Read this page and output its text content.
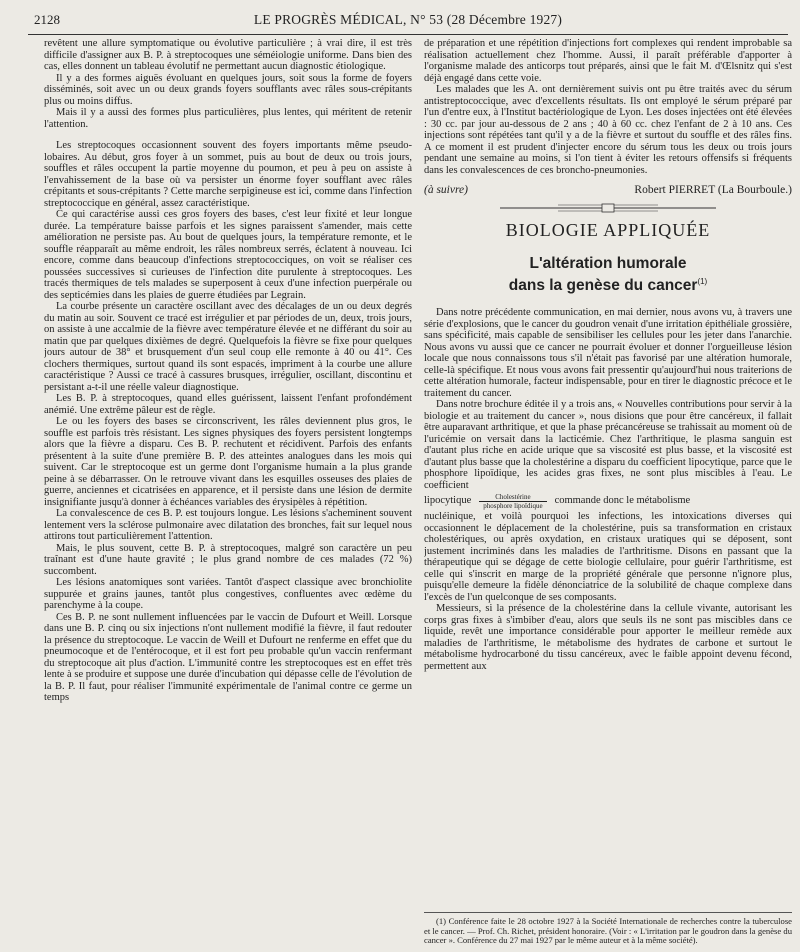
2128	LE PROGRÈS MÉDICAL, N° 53 (28 Décembre 1927)

revêtent une allure symptomatique ou évolutive particulière ; à vrai dire, il est très difficile d'assigner aux B. P. à streptocoques une séméiologie uniforme. Dans bien des cas, elles donnent un tableau évolutif ne permettant aucun diagnostic étiologique.

Il y a des formes aiguës évoluant en quelques jours, soit sous la forme de foyers disséminés, soit avec un ou deux grands foyers soufflants avec râles sous-crépitants plus ou moins diffus.

Mais il y a aussi des formes plus particulières, plus lentes, qui méritent de retenir l'attention.

Les streptocoques occasionnent souvent des foyers importants même pseudo-lobaires. Au début, gros foyer à un sommet, puis au bout de deux ou trois jours, souffles et râles occupent la partie moyenne du poumon, et peu à peu on assiste à l'envahissement de la base où va persister un énorme foyer soufflant avec râles crépitants et sous-crépitants ? Cette marche serpigineuse est ici, comme dans l'infection streptococcique en général, assez caractéristique.

Ce qui caractérise aussi ces gros foyers des bases, c'est leur fixité et leur longue durée. La température baisse parfois et les signes paraissent s'amender, mais cette amélioration ne persiste pas. Au bout de quelques jours, la température remonte, et le souffle réapparaît au même endroit, les râles nombreux serrés, éclatent à nouveau. Ici encore, comme dans beaucoup d'infections streptococciques, on voit se réaliser ces poussées successives si curieuses de l'infection dite purulente à streptocoques. Les tracés thermiques de tels malades se superposent à ceux d'une infection puerpérale ou des septicémies dans les plaies de guerre étudiées par Legrain.

La courbe présente un caractère oscillant avec des décalages de un ou deux degrés du matin au soir. Souvent ce tracé est irrégulier et par périodes de un, deux, trois jours, on assiste à une accalmie de la fièvre avec température élevée et ne différant du soir au matin que par quelques dixièmes de degré. Quelquefois la fièvre se fixe pour quelques jours autour de 38° et brusquement d'un seul coup elle remonte à 40 ou 41°. Ces clochers thermiques, surtout quand ils sont espacés, impriment à la courbe une allure caractéristique ? Aussi ce tracé à cassures brusques, irrégulier, oscillant, discontinu et persistant a-t-il une réelle valeur diagnostique.

Les B. P. à streptocoques, quand elles guérissent, laissent l'enfant profondément anémié. Une extrême pâleur est de règle.

Le ou les foyers des bases se circonscrivent, les râles deviennent plus gros, le souffle est parfois très résistant. Les signes physiques des foyers persistent longtemps alors que la fièvre a disparu. Ces B. P. rechutent et récidivent. Parfois des enfants présentent à la suite d'une première B. P. des atteintes analogues dans les mois qui suivent. Car le streptocoque est un germe dont l'organisme humain a la plus grande peine à se débarrasser. On le retrouve vivant dans les esquilles osseuses des plaies de guerre, anciennes et cicatrisées en apparence, et il persiste dans une lésion de dermite insignifiante jusqu'à donner à échéances variables des érysipèles à répétition.

La convalescence de ces B. P. est toujours longue. Les lésions s'acheminent souvent lentement vers la sclérose pulmonaire avec dilatation des bronches, fait sur lequel nous attirons tout particulièrement l'attention.

Mais, le plus souvent, cette B. P. à streptocoques, malgré son caractère un peu traînant est d'une haute gravité ; le plus grand nombre de ces malades (72 %) succombent.

Les lésions anatomiques sont variées. Tantôt d'aspect classique avec bronchiolite suppurée et grains jaunes, tantôt plus congestives, confluentes avec œdème du parenchyme à la coupe.

Ces B. P. ne sont nullement influencées par le vaccin de Dufourt et Weill. Lorsque dans une B. P. cinq ou six injections n'ont nullement modifié la fièvre, il faut redouter la présence du streptocoque. Le vaccin de Weill et Dufourt ne renferme en effet que du pneumocoque et de l'entérocoque, et il est fort peu probable qu'un vaccin renfermant du streptocoque ait plus d'action. L'immunité contre les streptocoques est en effet très lente à se produire et suppose une durée d'incubation qui dépasse celle de l'évolution de la B. P. Il faut, pour réaliser l'immunité expérimentale de l'animal contre ce germe un temps

de préparation et une répétition d'injections fort complexes qui rendent improbable sa réalisation actuellement chez l'homme. Aussi, il paraît préférable d'apporter à l'organisme malade des anticorps tout préparés, ainsi que le fait M. d'Œlsnitz qui s'est déjà engagé dans cette voie.

Les malades que les A. ont dernièrement suivis ont pu être traités avec du sérum antistreptococcique, avec d'excellents résultats. Ils ont employé le sérum préparé par l'un d'entre eux, à l'Institut bactériologique de Lyon. Les doses injectées ont été élevées : 30 cc. par jour au-dessous de 2 ans ; 40 à 60 cc. chez l'enfant de 2 à 10 ans. Ces injections sont répétées tant qu'il y a de la fièvre et surtout du souffle et des râles fins. A ce moment il est prudent d'injecter encore du sérum tous les deux ou trois jours pendant une semaine au moins, si l'on tient à éviter les retours offensifs si fréquents dans les convalescences de ces broncho-pneumonies.

(à suivre)	Robert PIERRET (La Bourboule.)
BIOLOGIE APPLIQUÉE
L'altération humorale
dans la genèse du cancer$^{(1)}$

Dans notre précédente communication, en mai dernier, nous avons vu, à travers une série d'explosions, que le cancer du goudron venait d'une irritation épithéliale grossière, sans spécificité, mais capable de sensibiliser les cellules pour les jeter dans l'anarchie. Nous avons vu aussi que ce cancer ne pourrait évoluer et donner l'orgueilleuse lésion locale que nous connaissons tous s'il n'était pas favorisé par une altération humorale, celle-là spécifique. Et nous vous avons fait pressentir qu'aujourd'hui nous traiterions de cette altération humorale, facteur indispensable, pour en tirer le diagnostic précoce et le traitement du cancer.

Dans notre brochure éditée il y a trois ans, « Nouvelles contributions pour servir à la biologie et au traitement du cancer », nous disions que pour être cancéreux, il fallait être auparavant arthritique, et que la phase précancéreuse se trahissait au moment où de l'uricémie on versait dans la lacticémie. Chez l'arthritique, le plasma sanguin est d'autant plus riche en acide urique que sa viscosité est plus basse, et la viscosité est d'autant plus basse que la cholestérine a disparu du coefficient lipocytique, parce que le phosphore lipoïdique, les acides gras fixes, ne sont plus miscibles à l'eau. Le coefficient

lipocytique $\frac{\text{Cholestérine}}{\text{phosphore lipoïdique}}$ commande donc le métabolisme

nucléinique, et voilà pourquoi les infections, les intoxications diverses qui occasionnent le déplacement de la cholestérine, puis sa transformation en cristaux cholestériques, ou après oxydation, en cristaux uratiques qui se déposent, sont justement incriminés dans les maladies de l'arthritisme. Disons en passant que la thérapeutique qui se dégage de cette biologie cellulaire, pour guérir l'arthritisme, est celle qui s'inscrit en marge de la propriété générale que personne n'ignore plus, puisqu'elle demeure la fidèle dénonciatrice de la solubilité de chaque complexe dans l'excès de l'un quelconque de ses composants.

Messieurs, si la présence de la cholestérine dans la cellule vivante, autorisant les corps gras fixes à s'imbiber d'eau, alors que seuls ils ne sont pas miscibles dans ce liquide, revêt une importance considérable pour apporter le meilleur remède aux maladies de l'arthritisme, le métabolisme des hydrates de carbone et surtout le métabolisme hydrocarboné du tissu cancéreux, avec le faible appoint devenu fécond, permettent aux

(1) Conférence faite le 28 octobre 1927 à la Société Internationale de recherches contre la tuberculose et le cancer. — Prof. Ch. Richet, président honoraire. (Voir : « L'irritation par le goudron dans la genèse du cancer ». Conférence du 27 mai 1927 par le même auteur et à la même société).
